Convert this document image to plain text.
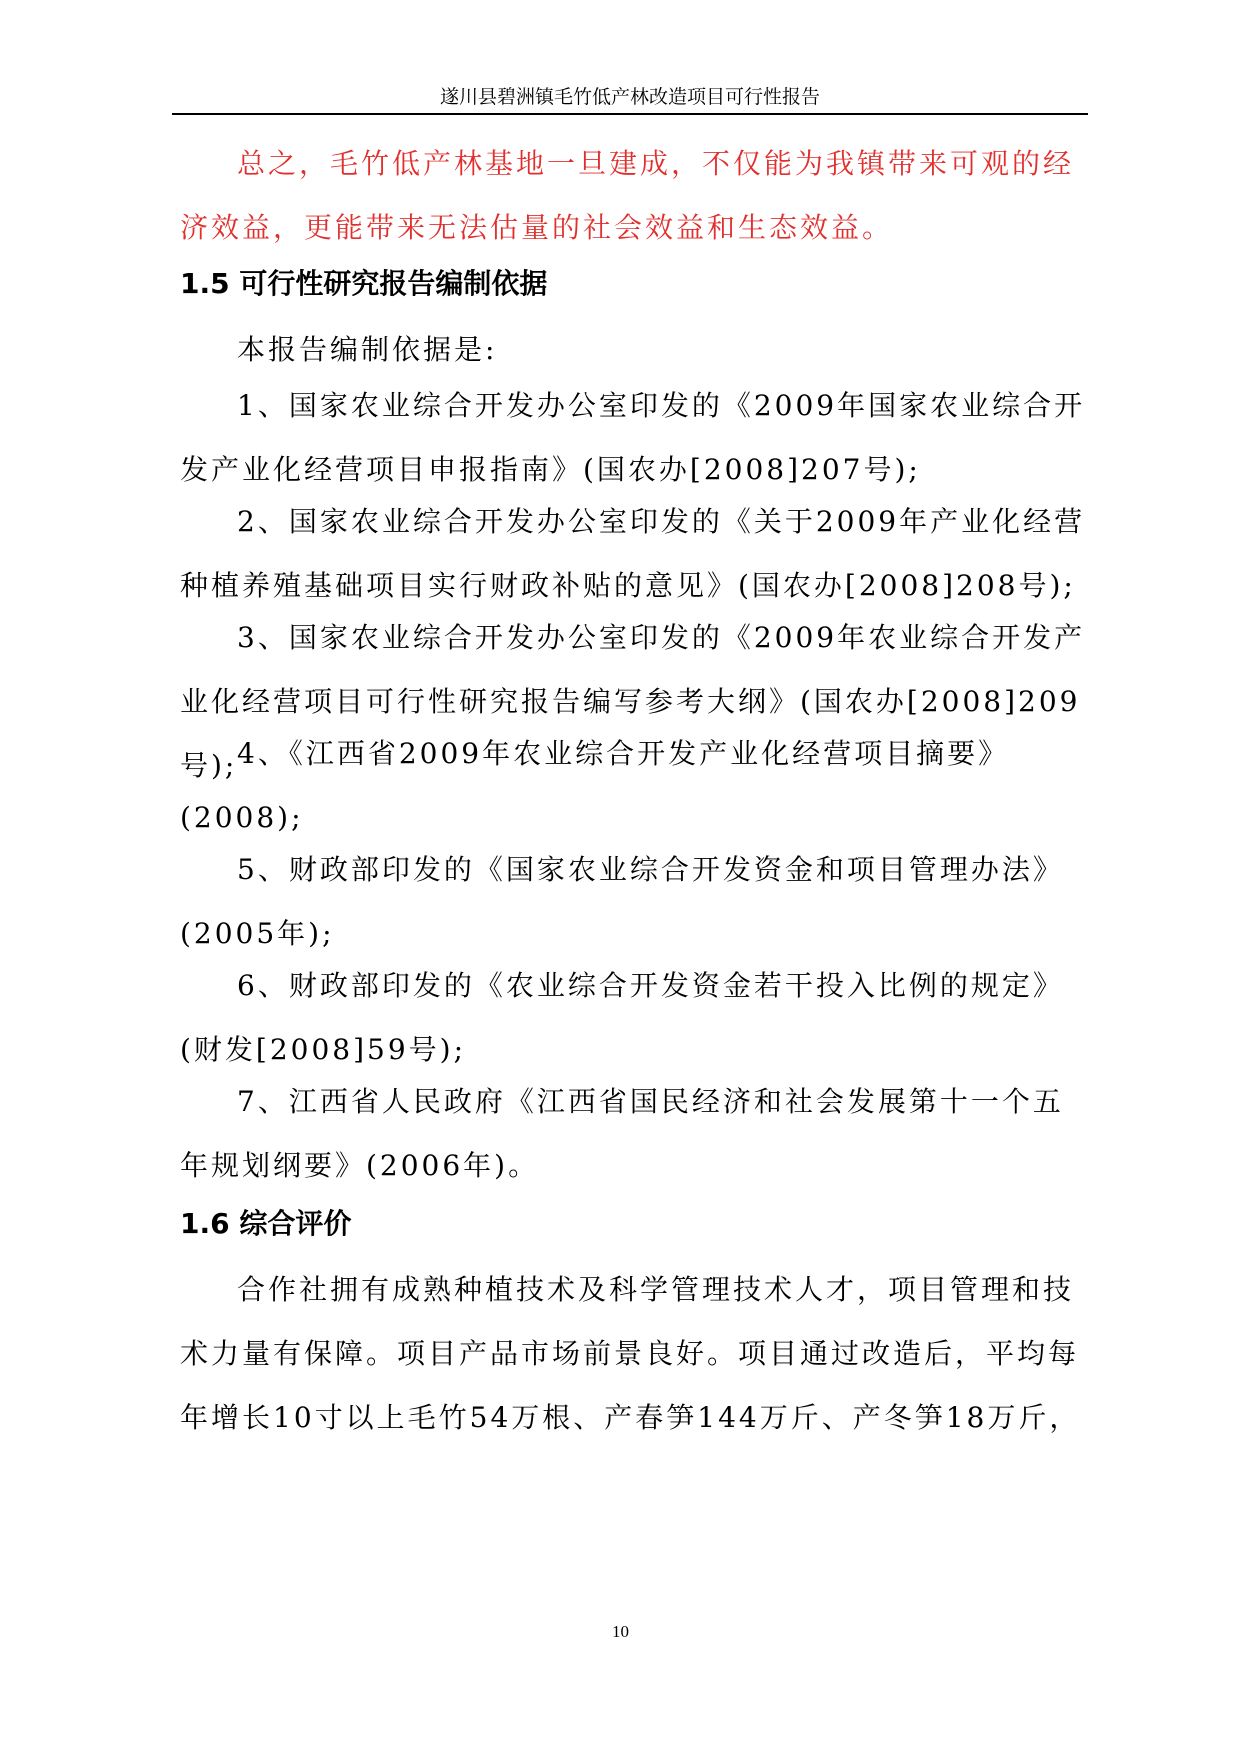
遂川县碧洲镇毛竹低产林改造项目可行性报告

总之，毛竹低产林基地一旦建成，不仅能为我镇带来可观的经济效益，更能带来无法估量的社会效益和生态效益。

1.5 可行性研究报告编制依据

本报告编制依据是:

1、国家农业综合开发办公室印发的《2009年国家农业综合开发产业化经营项目申报指南》(国农办[2008]207号);

2、国家农业综合开发办公室印发的《关于2009年产业化经营种植养殖基础项目实行财政补贴的意见》(国农办[2008]208号);

3、国家农业综合开发办公室印发的《2009年农业综合开发产业化经营项目可行性研究报告编写参考大纲》(国农办[2008]209号); 4、《江西省2009年农业综合开发产业化经营项目摘要》(2008);

5、财政部印发的《国家农业综合开发资金和项目管理办法》(2005年);

6、财政部印发的《农业综合开发资金若干投入比例的规定》(财发[2008]59号);

7、江西省人民政府《江西省国民经济和社会发展第十一个五年规划纲要》(2006年)。

1.6 综合评价

合作社拥有成熟种植技术及科学管理技术人才，项目管理和技术力量有保障。项目产品市场前景良好。项目通过改造后，平均每年增长10寸以上毛竹54万根、产春笋144万斤、产冬笋18万斤，

10
